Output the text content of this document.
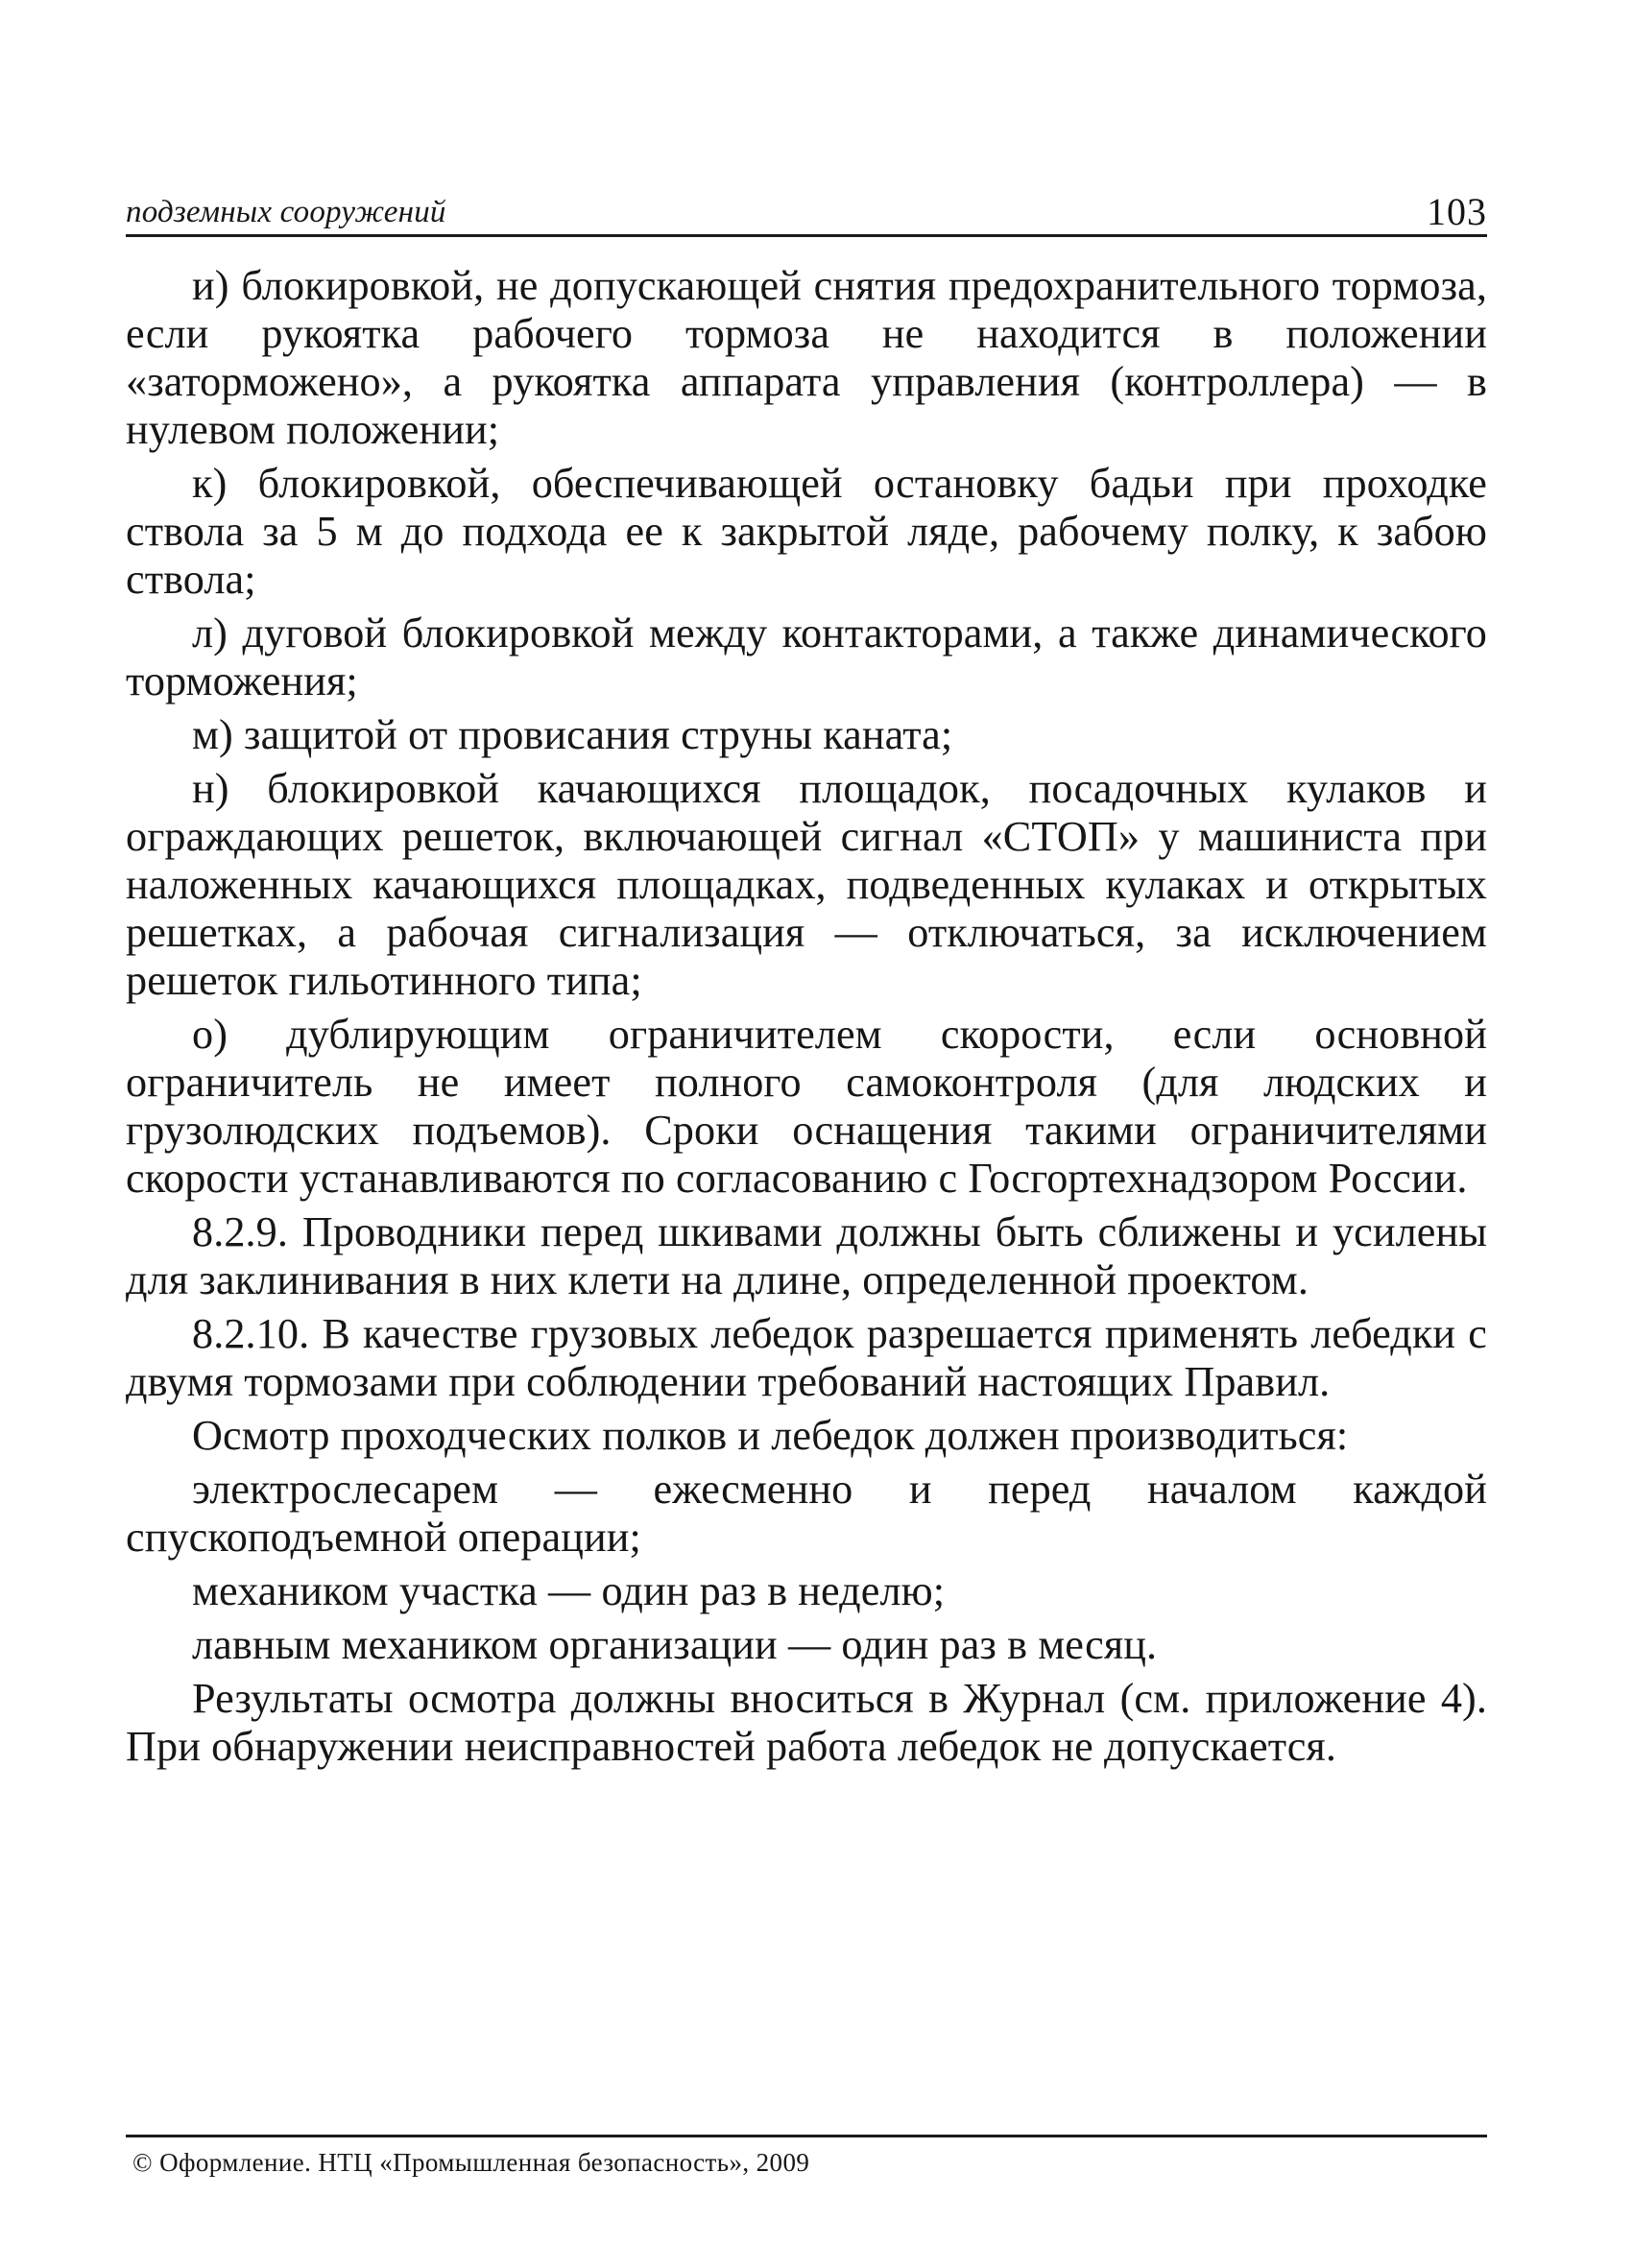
подземных сооружений	103

и) блокировкой, не допускающей снятия предохранительного тормоза, если рукоятка рабочего тормоза не находится в положении «заторможено», а рукоятка аппарата управления (контроллера) — в нулевом положении;

к) блокировкой, обеспечивающей остановку бадьи при проходке ствола за 5 м до подхода ее к закрытой ляде, рабочему полку, к забою ствола;

л) дуговой блокировкой между контакторами, а также динамического торможения;

м) защитой от провисания струны каната;

н) блокировкой качающихся площадок, посадочных кулаков и ограждающих решеток, включающей сигнал «СТОП» у машиниста при наложенных качающихся площадках, подведенных кулаках и открытых решетках, а рабочая сигнализация — отключаться, за исключением решеток гильотинного типа;

о) дублирующим ограничителем скорости, если основной ограничитель не имеет полного самоконтроля (для людских и грузолюдских подъемов). Сроки оснащения такими ограничителями скорости устанавливаются по согласованию с Госгортехнадзором России.

8.2.9. Проводники перед шкивами должны быть сближены и усилены для заклинивания в них клети на длине, определенной проектом.

8.2.10. В качестве грузовых лебедок разрешается применять лебедки с двумя тормозами при соблюдении требований настоящих Правил.

Осмотр проходческих полков и лебедок должен производиться:

электрослесарем — ежесменно и перед началом каждой спускоподъемной операции;

механиком участка — один раз в неделю;

лавным механиком организации — один раз в месяц.

Результаты осмотра должны вноситься в Журнал (см. приложение 4). При обнаружении неисправностей работа лебедок не допускается.

© Оформление. НТЦ «Промышленная безопасность», 2009
